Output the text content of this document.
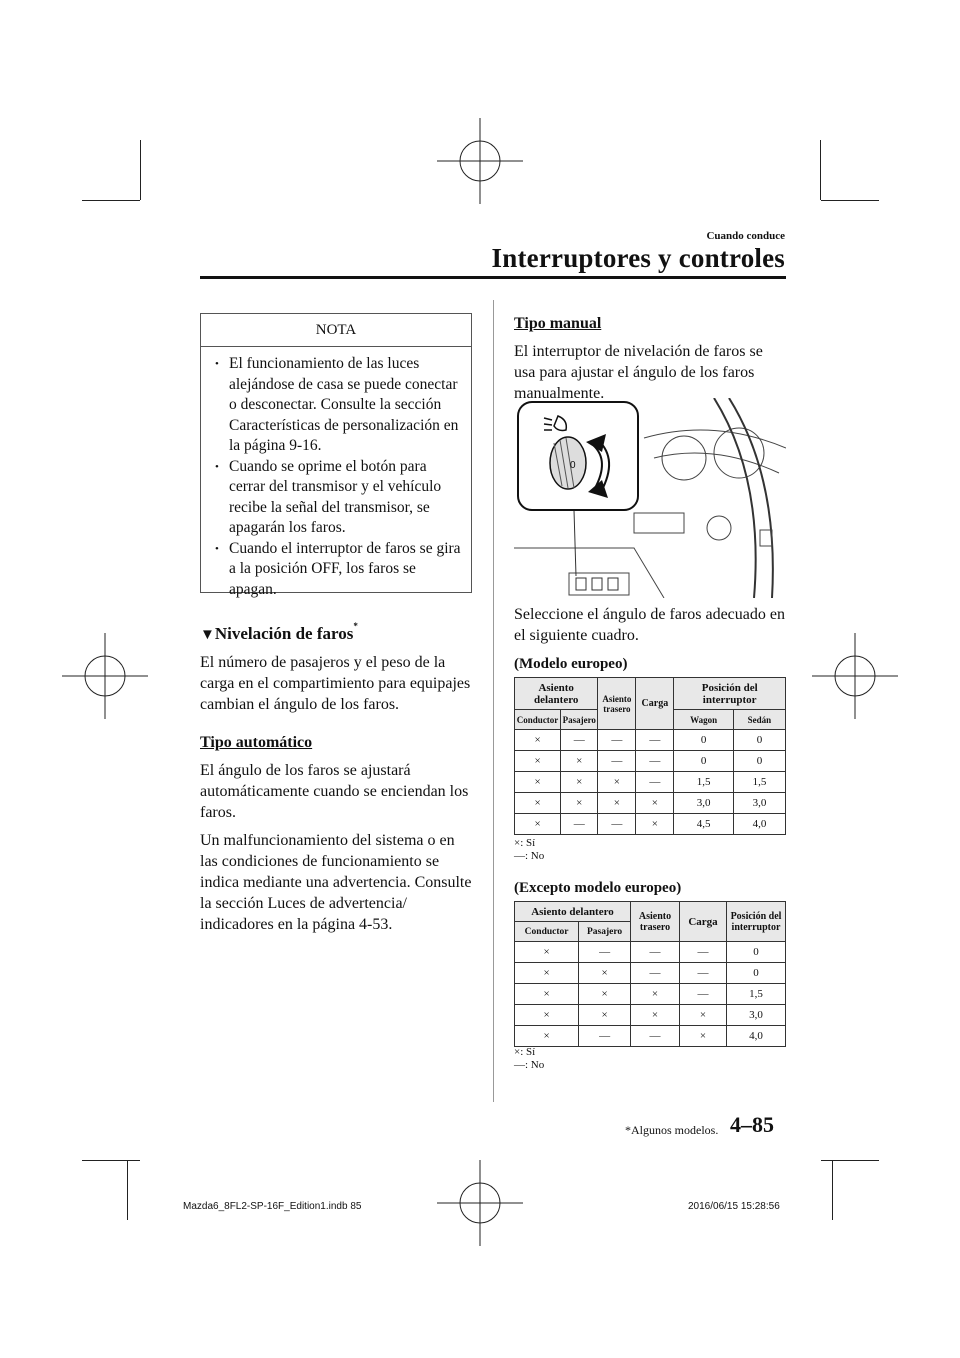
Cuando conduce
Interruptores y controles
NOTA
• El funcionamiento de las luces alejándose de casa se puede conectar o desconectar. Consulte la sección Características de personalización en la página 9-16.
• Cuando se oprime el botón para cerrar del transmisor y el vehículo recibe la señal del transmisor, se apagarán los faros.
• Cuando el interruptor de faros se gira a la posición OFF, los faros se apagan.
▼Nivelación de faros*
El número de pasajeros y el peso de la carga en el compartimiento para equipajes cambian el ángulo de los faros.
Tipo automático
El ángulo de los faros se ajustará automáticamente cuando se enciendan los faros.
Un malfuncionamiento del sistema o en las condiciones de funcionamiento se indica mediante una advertencia. Consulte la sección Luces de advertencia/ indicadores en la página 4-53.
Tipo manual
El interruptor de nivelación de faros se usa para ajustar el ángulo de los faros manualmente.
0
Seleccione el ángulo de faros adecuado en el siguiente cuadro.
(Modelo europeo)
Asiento delantero		Asiento trasero	Carga	Posición del interruptor	
Conductor	Pasajero			Wagon	Sedán
×	—	—	—	0	0
×	×	—	—	0	0
×	×	×	—	1,5	1,5
×	×	×	×	3,0	3,0
×	—	—	×	4,5	4,0
×: Sí
—: No
(Excepto modelo europeo)
Asiento delantero		Asiento trasero	Carga	Posición del interruptor
Conductor	Pasajero			
×	—	—	—	0
×	×	—	—	0
×	×	×	—	1,5
×	×	×	×	3,0
×	—	—	×	4,0
×: Sí
—: No
*Algunos modelos. 4–85
Mazda6_8FL2-SP-16F_Edition1.indb 85	2016/06/15 15:28:56
